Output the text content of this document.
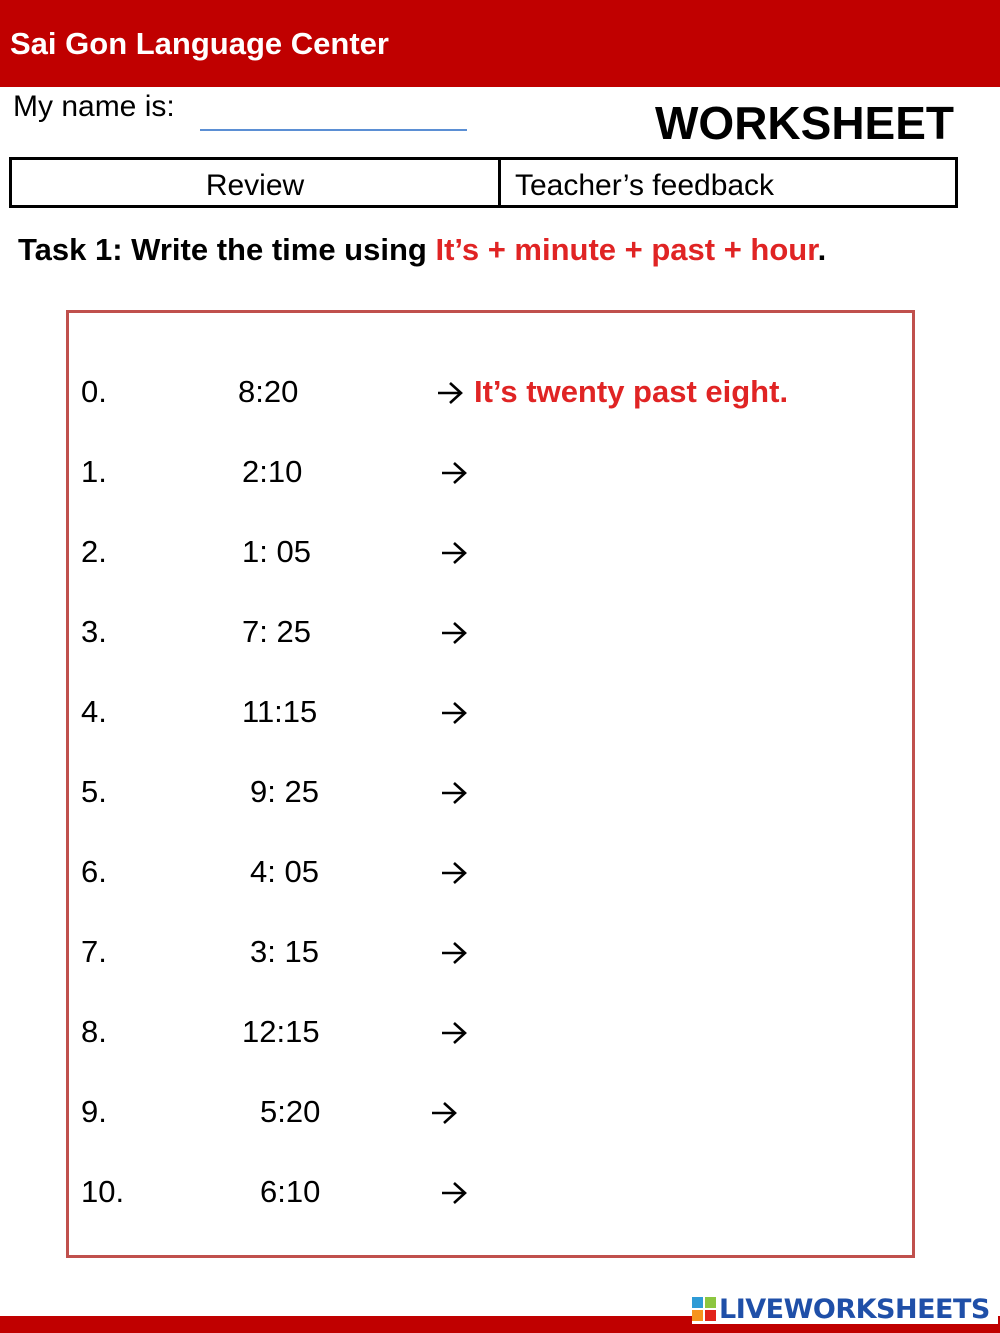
Sai Gon Language Center
My name is:	WORKSHEET
Review	Teacher’s feedback
Task 1: Write the time using It’s + minute + past + hour.
0.	8:20	It’s twenty past eight.
1.	2:10
2.	1: 05
3.	7: 25
4.	11:15
5.	9: 25
6.	4: 05
7.	3: 15
8.	12:15
9.	5:20
10.	6:10
LIVEWORKSHEETS
